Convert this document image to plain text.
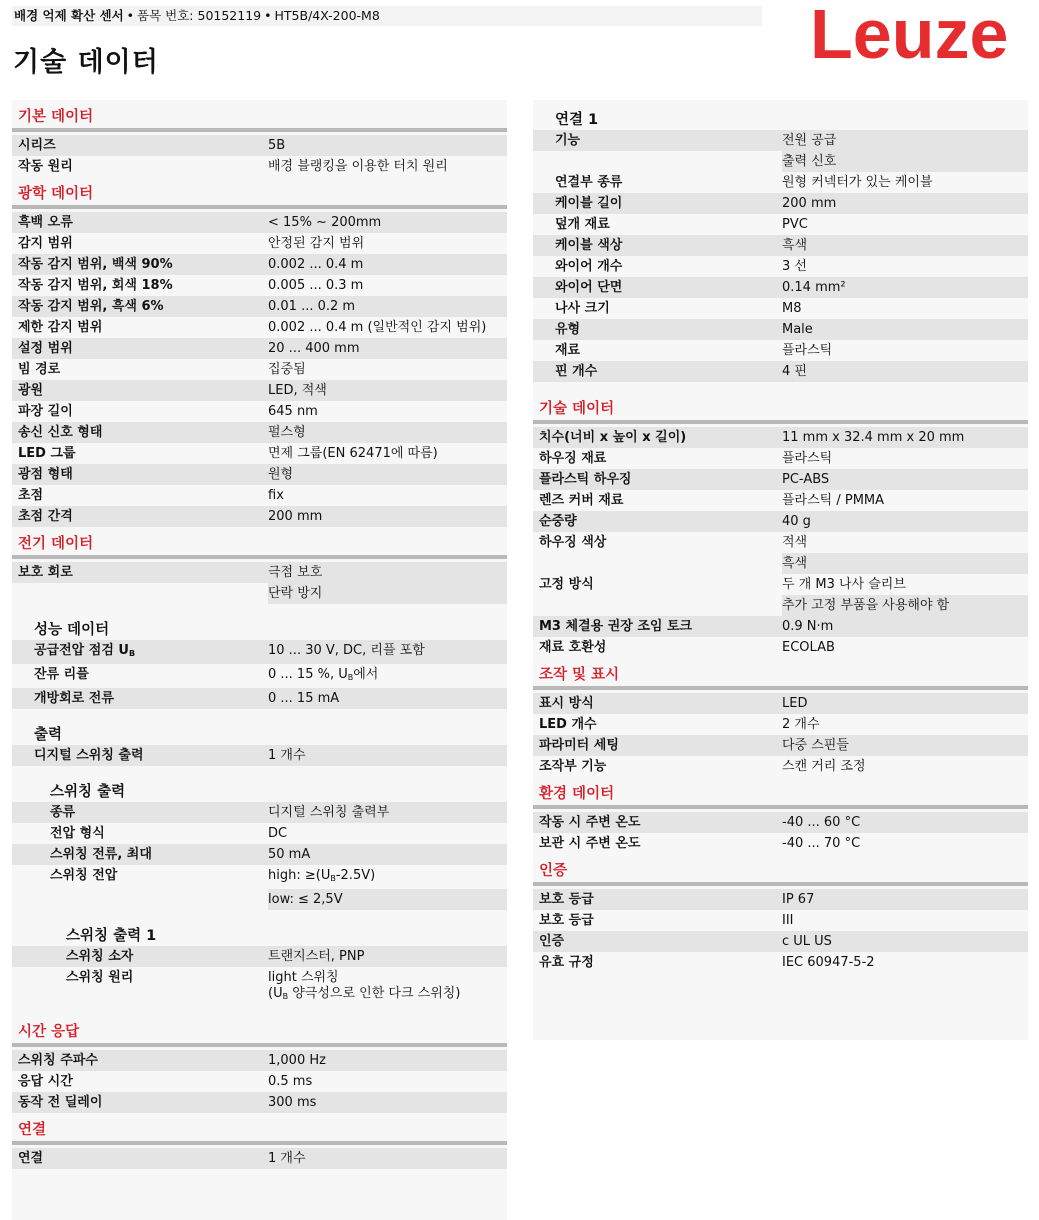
배경 억제 확산 센서 • 품목 번호: 50152119 • HT5B/4X-200-M8
기술 데이터	Leuze
기본 데이터
시리즈	5B
작동 원리	배경 블랭킹을 이용한 터치 원리
광학 데이터
흑백 오류	< 15% ~ 200mm
감지 범위	안정된 감지 범위
작동 감지 범위, 백색 90%	0.002 ... 0.4 m
작동 감지 범위, 회색 18%	0.005 ... 0.3 m
작동 감지 범위, 흑색 6%	0.01 ... 0.2 m
제한 감지 범위	0.002 ... 0.4 m (일반적인 감지 범위)
설정 범위	20 ... 400 mm
빔 경로	집중됨
광원	LED, 적색
파장 길이	645 nm
송신 신호 형태	펄스형
LED 그룹	면제 그룹(EN 62471에 따름)
광점 형태	원형
초점	fix
초점 간격	200 mm
전기 데이터
보호 회로	극점 보호
단락 방지
성능 데이터
공급전압 점검 $U_B$	10 ... 30 V, DC, 리플 포함
잔류 리플	0 ... 15 %, $U_B$에서
개방회로 전류	0 ... 15 mA
출력
디지털 스위칭 출력	1 개수
스위칭 출력
종류	디지털 스위칭 출력부
전압 형식	DC
스위칭 전류, 최대	50 mA
스위칭 전압	high: $\ge(U_B-2.5V)$
low: ≤ 2,5V
스위칭 출력 1
스위칭 소자	트랜지스터, PNP
스위칭 원리	light 스위칭
($U_B$ 양극성으로 인한 다크 스위칭)
시간 응답
스위칭 주파수	1,000 Hz
응답 시간	0.5 ms
동작 전 딜레이	300 ms
연결
연결	1 개수
연결 1
기능	전원 공급
출력 신호
연결부 종류	원형 커넥터가 있는 케이블
케이블 길이	200 mm
덮개 재료	PVC
케이블 색상	흑색
와이어 개수	3 선
와이어 단면	0.14 mm²
나사 크기	M8
유형	Male
재료	플라스틱
핀 개수	4 핀
기술 데이터
치수(너비 x 높이 x 길이)	11 mm x 32.4 mm x 20 mm
하우징 재료	플라스틱
플라스틱 하우징	PC-ABS
렌즈 커버 재료	플라스틱 / PMMA
순중량	40 g
하우징 색상	적색
흑색
고정 방식	두 개 M3 나사 슬리브
추가 고정 부품을 사용해야 함
M3 체결용 권장 조임 토크	0.9 N·m
재료 호환성	ECOLAB
조작 및 표시
표시 방식	LED
LED 개수	2 개수
파라미터 세팅	다중 스핀들
조작부 기능	스캔 거리 조정
환경 데이터
작동 시 주변 온도	-40 ... 60 °C
보관 시 주변 온도	-40 ... 70 °C
인증
보호 등급	IP 67
보호 등급	III
인증	c UL US
유효 규정	IEC 60947-5-2
